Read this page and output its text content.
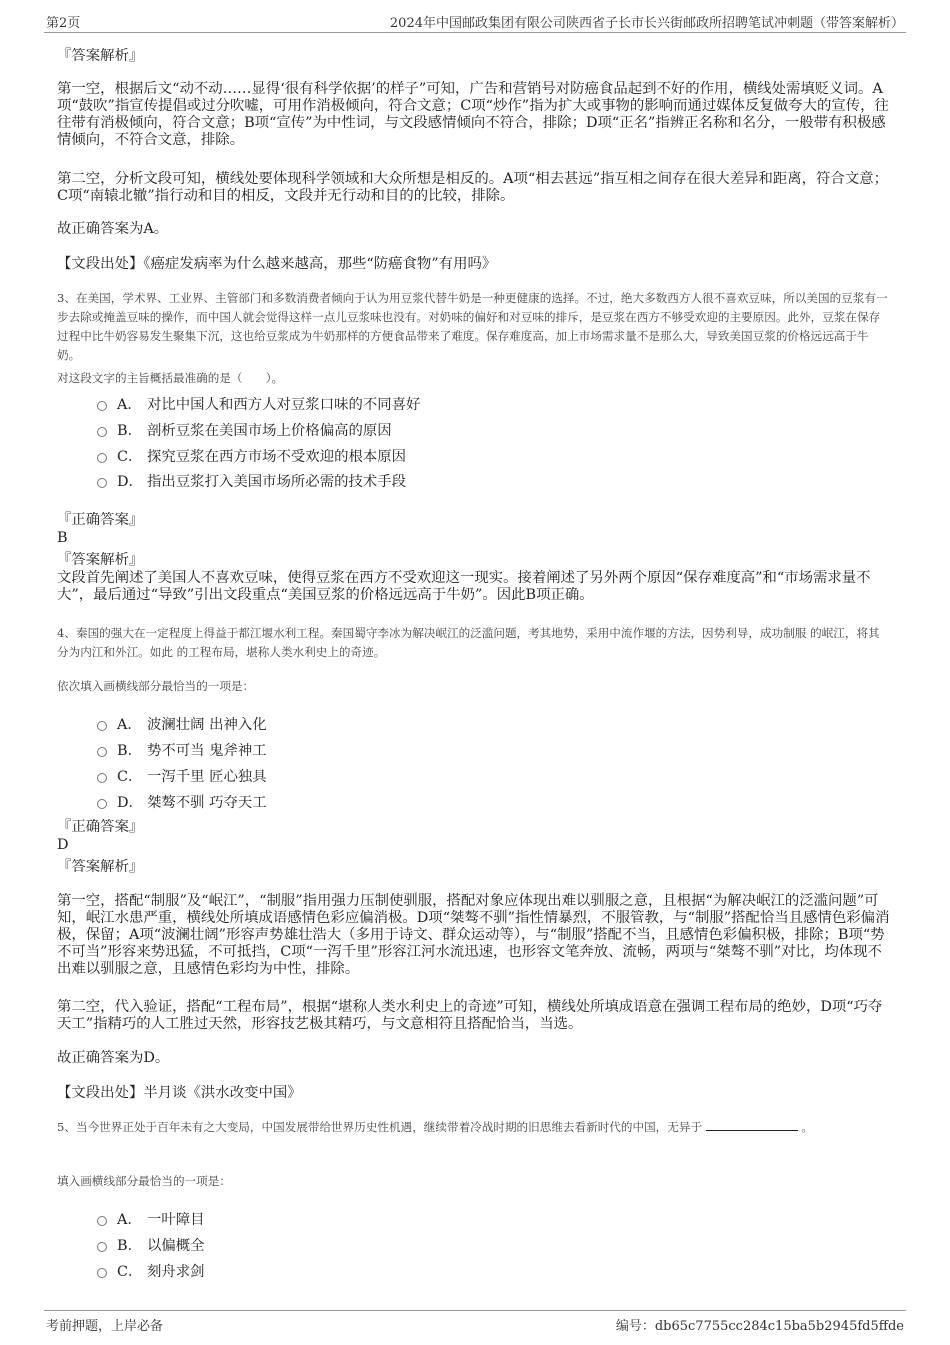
第2页	2024年中国邮政集团有限公司陕西省子长市长兴街邮政所招聘笔试冲刺题（带答案解析）
『答案解析』
第一空，根据后文“动不动……显得‘很有科学依据’的样子”可知，广告和营销号对防癌食品起到不好的作用，横线处需填贬义词。A项“鼓吹”指宣传提倡或过分吹嘘，可用作消极倾向，符合文意；C项“炒作”指为扩大或事物的影响而通过媒体反复做夸大的宣传，往往带有消极倾向，符合文意；B项“宣传”为中性词，与文段感情倾向不符合，排除；D项“正名”指辨正名称和名分，一般带有积极感情倾向，不符合文意，排除。
第二空，分析文段可知，横线处要体现科学领域和大众所想是相反的。A项“相去甚远”指互相之间存在很大差异和距离，符合文意；C项“南辕北辙”指行动和目的相反，文段并无行动和目的的比较，排除。
故正确答案为A。
【文段出处】《癌症发病率为什么越来越高，那些“防癌食物”有用吗》
3、在美国，学术界、工业界、主管部门和多数消费者倾向于认为用豆浆代替牛奶是一种更健康的选择。不过，绝大多数西方人很不喜欢豆味，所以美国的豆浆有一步去除或掩盖豆味的操作，而中国人就会觉得这样一点儿豆浆味也没有。对奶味的偏好和对豆味的排斥，是豆浆在西方不够受欢迎的主要原因。此外，豆浆在保存过程中比牛奶容易发生聚集下沉，这也给豆浆成为牛奶那样的方便食品带来了难度。保存难度高，加上市场需求量不是那么大，导致美国豆浆的价格远远高于牛奶。
对这段文字的主旨概括最准确的是（　　）。
A． 对比中国人和西方人对豆浆口味的不同喜好
B． 剖析豆浆在美国市场上价格偏高的原因
C． 探究豆浆在西方市场不受欢迎的根本原因
D． 指出豆浆打入美国市场所必需的技术手段
『正确答案』
B
『答案解析』
文段首先阐述了美国人不喜欢豆味，使得豆浆在西方不受欢迎这一现实。接着阐述了另外两个原因“保存难度高”和“市场需求量不大”，最后通过“导致”引出文段重点“美国豆浆的价格远远高于牛奶”。因此B项正确。
4、秦国的强大在一定程度上得益于都江堰水利工程。秦国蜀守李冰为解决岷江的泛滥问题，考其地势，采用中流作堰的方法，因势利导，成功制服 的岷江，将其分为内江和外江。如此 的工程布局，堪称人类水利史上的奇迹。
依次填入画横线部分最恰当的一项是：
A． 波澜壮阔 出神入化
B． 势不可当 鬼斧神工
C． 一泻千里 匠心独具
D． 桀骜不驯 巧夺天工
『正确答案』
D
『答案解析』
第一空，搭配“制服”及“岷江”，“制服”指用强力压制使驯服，搭配对象应体现出难以驯服之意，且根据“为解决岷江的泛滥问题”可知，岷江水患严重，横线处所填成语感情色彩应偏消极。D项“桀骜不驯”指性情暴烈，不服管教，与“制服”搭配恰当且感情色彩偏消极，保留；A项“波澜壮阔”形容声势雄壮浩大（多用于诗文、群众运动等），与“制服”搭配不当，且感情色彩偏积极，排除；B项“势不可当”形容来势迅猛，不可抵挡，C项“一泻千里”形容江河水流迅速，也形容文笔奔放、流畅，两项与“桀骜不驯”对比，均体现不出难以驯服之意，且感情色彩均为中性，排除。
第二空，代入验证，搭配“工程布局”，根据“堪称人类水利史上的奇迹”可知，横线处所填成语意在强调工程布局的绝妙，D项“巧夺天工”指精巧的人工胜过天然，形容技艺极其精巧，与文意相符且搭配恰当，当选。
故正确答案为D。
【文段出处】半月谈《洪水改变中国》
5、当今世界正处于百年未有之大变局，中国发展带给世界历史性机遇，继续带着冷战时期的旧思维去看新时代的中国，无异于	。
填入画横线部分最恰当的一项是：
A． 一叶障目
B． 以偏概全
C． 刻舟求剑
考前押题，上岸必备	编号：db65c7755cc284c15ba5b2945fd5ffde
